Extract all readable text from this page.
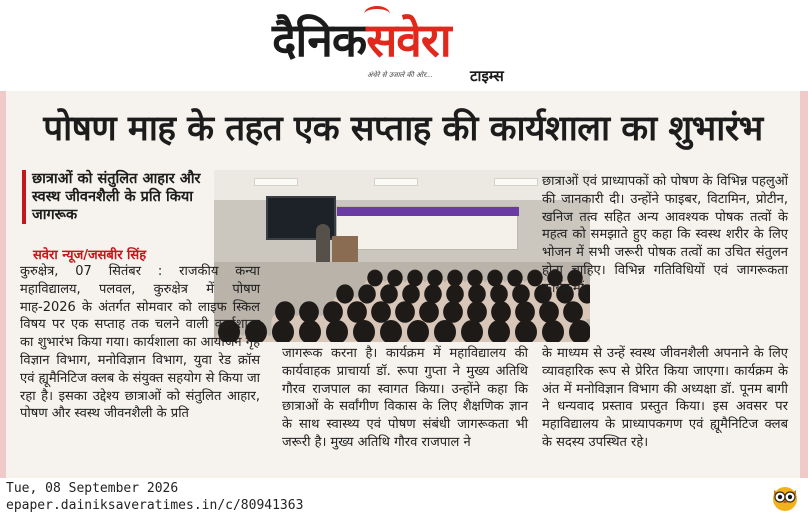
दैनिकसवेरा
अंधेरे से उजाले की ओर... टाइम्स
पोषण माह के तहत एक सप्ताह की कार्यशाला का शुभारंभ
छात्राओं को संतुलित आहार और स्वस्थ जीवनशैली के प्रति किया जागरूक
सवेरा न्यूज/जसबीर सिंह

कुरुक्षेत्र, 07 सितंबर : राजकीय कन्या महाविद्यालय, पलवल, कुरुक्षेत्र में पोषण माह-2026 के अंतर्गत सोमवार को लाइफ स्किल विषय पर एक सप्ताह तक चलने वाली कार्यशाला का शुभारंभ किया गया। कार्यशाला का आयोजन गृह विज्ञान विभाग, मनोविज्ञान विभाग, युवा रेड क्रॉस एवं ह्यूमैनिटिज क्लब के संयुक्त सहयोग से किया जा रहा है। इसका उद्देश्य छात्राओं को संतुलित आहार, पोषण और स्वस्थ जीवनशैली के प्रति

जागरूक करना है। कार्यक्रम में महाविद्यालय की कार्यवाहक प्राचार्या डॉ. रूपा गुप्ता ने मुख्य अतिथि गौरव राजपाल का स्वागत किया। उन्होंने कहा कि छात्राओं के सर्वांगीण विकास के लिए शैक्षणिक ज्ञान के साथ स्वास्थ्य एवं पोषण संबंधी जागरूकता भी जरूरी है। मुख्य अतिथि गौरव राजपाल ने

छात्राओं एवं प्राध्यापकों को पोषण के विभिन्न पहलुओं की जानकारी दी। उन्होंने फाइबर, विटामिन, प्रोटीन, खनिज तत्व सहित अन्य आवश्यक पोषक तत्वों के महत्व को समझाते हुए कहा कि स्वस्थ शरीर के लिए भोजन में सभी जरूरी पोषक तत्वों का उचित संतुलन होना चाहिए। विभिन्न गतिविधियों एवं जागरूकता कार्यक्रमों

के माध्यम से उन्हें स्वस्थ जीवनशैली अपनाने के लिए व्यावहारिक रूप से प्रेरित किया जाएगा। कार्यक्रम के अंत में मनोविज्ञान विभाग की अध्यक्षा डॉ. पूनम बागी ने धन्यवाद प्रस्ताव प्रस्तुत किया। इस अवसर पर महाविद्यालय के प्राध्यापकगण एवं ह्यूमैनिटिज क्लब के सदस्य उपस्थित रहे।

Tue, 08 September 2026
epaper.dainiksaveratimes.in/c/80941363
